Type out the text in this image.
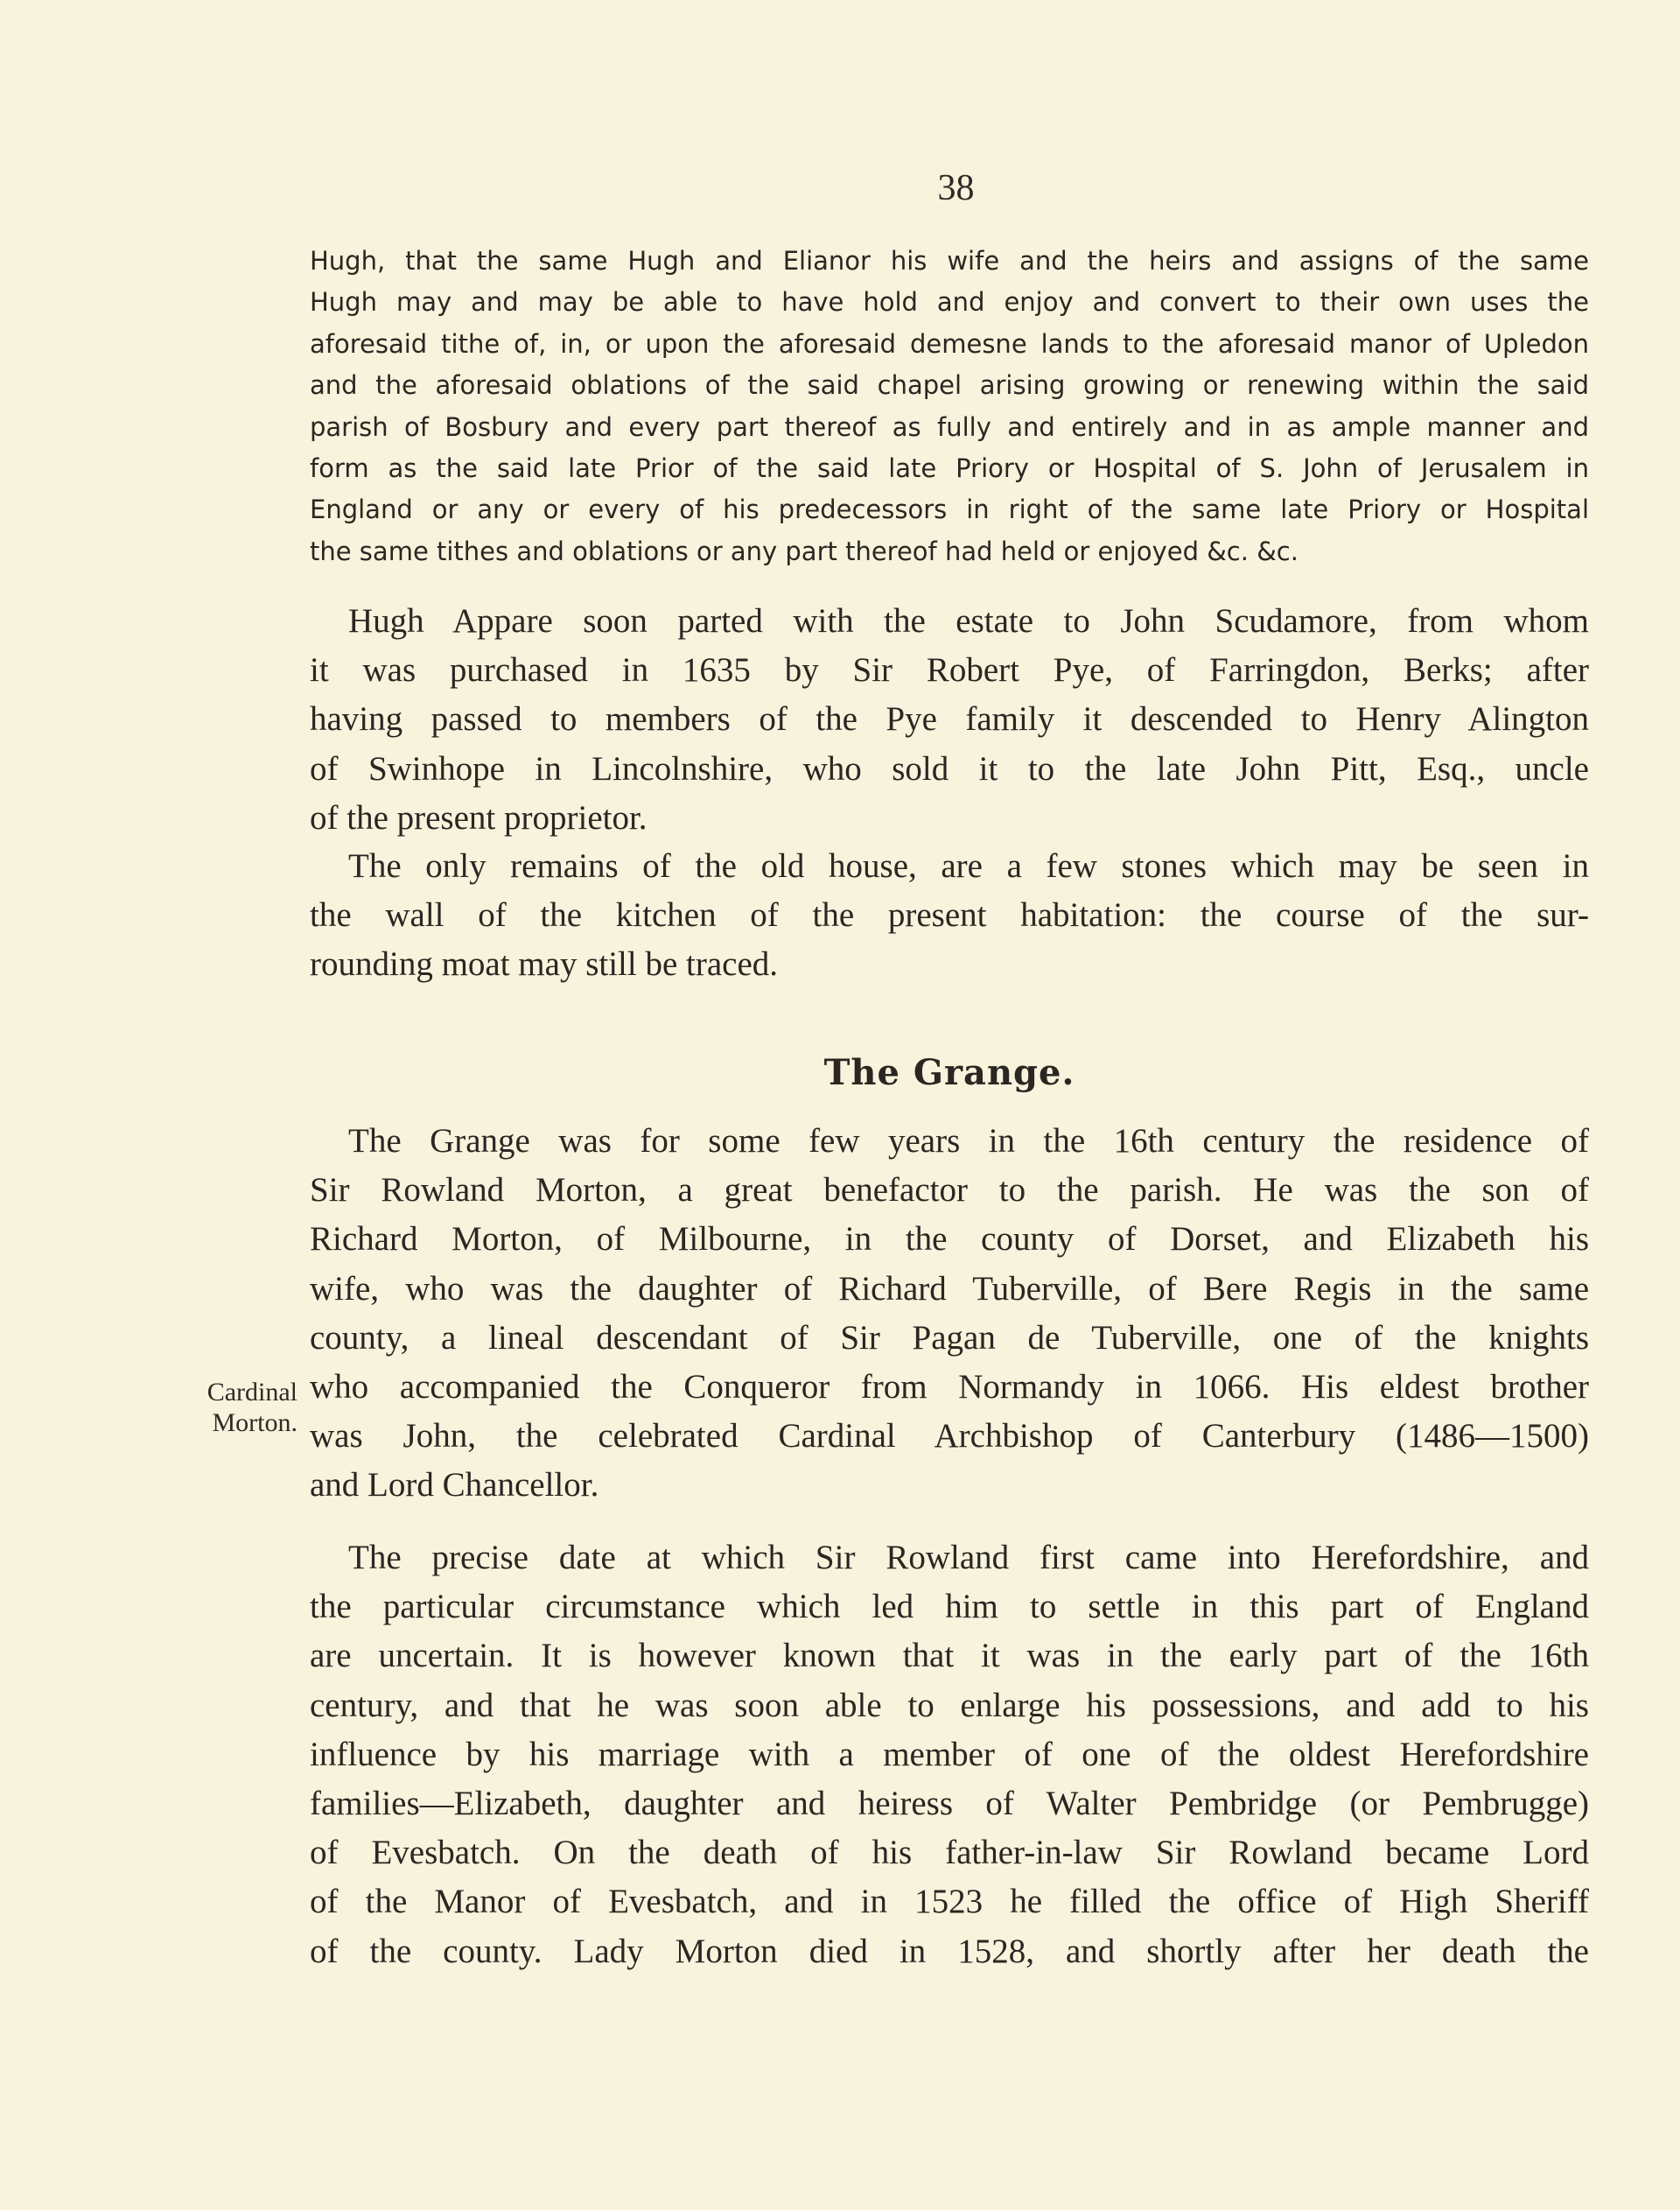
38
Hugh, that the same Hugh and Elianor his wife and the heirs and assigns of the same
Hugh may and may be able to have hold and enjoy and convert to their own uses the
aforesaid tithe of, in, or upon the aforesaid demesne lands to the aforesaid manor of Upledon
and the aforesaid oblations of the said chapel arising growing or renewing within the said
parish of Bosbury and every part thereof as fully and entirely and in as ample manner and
form as the said late Prior of the said late Priory or Hospital of S. John of Jerusalem in
England or any or every of his predecessors in right of the same late Priory or Hospital
the same tithes and oblations or any part thereof had held or enjoyed &c. &c.
Hugh Appare soon parted with the estate to John Scudamore, from whom
it was purchased in 1635 by Sir Robert Pye, of Farringdon, Berks; after
having passed to members of the Pye family it descended to Henry Alington
of Swinhope in Lincolnshire, who sold it to the late John Pitt, Esq., uncle
of the present proprietor.
The only remains of the old house, are a few stones which may be seen in
the wall of the kitchen of the present habitation: the course of the sur-
rounding moat may still be traced.
The Grange.
The Grange was for some few years in the 16th century the residence of
Sir Rowland Morton, a great benefactor to the parish. He was the son of
Richard Morton, of Milbourne, in the county of Dorset, and Elizabeth his
wife, who was the daughter of Richard Tuberville, of Bere Regis in the same
county, a lineal descendant of Sir Pagan de Tuberville, one of the knights
who accompanied the Conqueror from Normandy in 1066. His eldest brother
was John, the celebrated Cardinal Archbishop of Canterbury (1486—1500)
and Lord Chancellor.
The precise date at which Sir Rowland first came into Herefordshire, and
the particular circumstance which led him to settle in this part of England
are uncertain. It is however known that it was in the early part of the 16th
century, and that he was soon able to enlarge his possessions, and add to his
influence by his marriage with a member of one of the oldest Herefordshire
families—Elizabeth, daughter and heiress of Walter Pembridge (or Pembrugge)
of Evesbatch. On the death of his father-in-law Sir Rowland became Lord
of the Manor of Evesbatch, and in 1523 he filled the office of High Sheriff
of the county. Lady Morton died in 1528, and shortly after her death the
Cardinal
Morton.
